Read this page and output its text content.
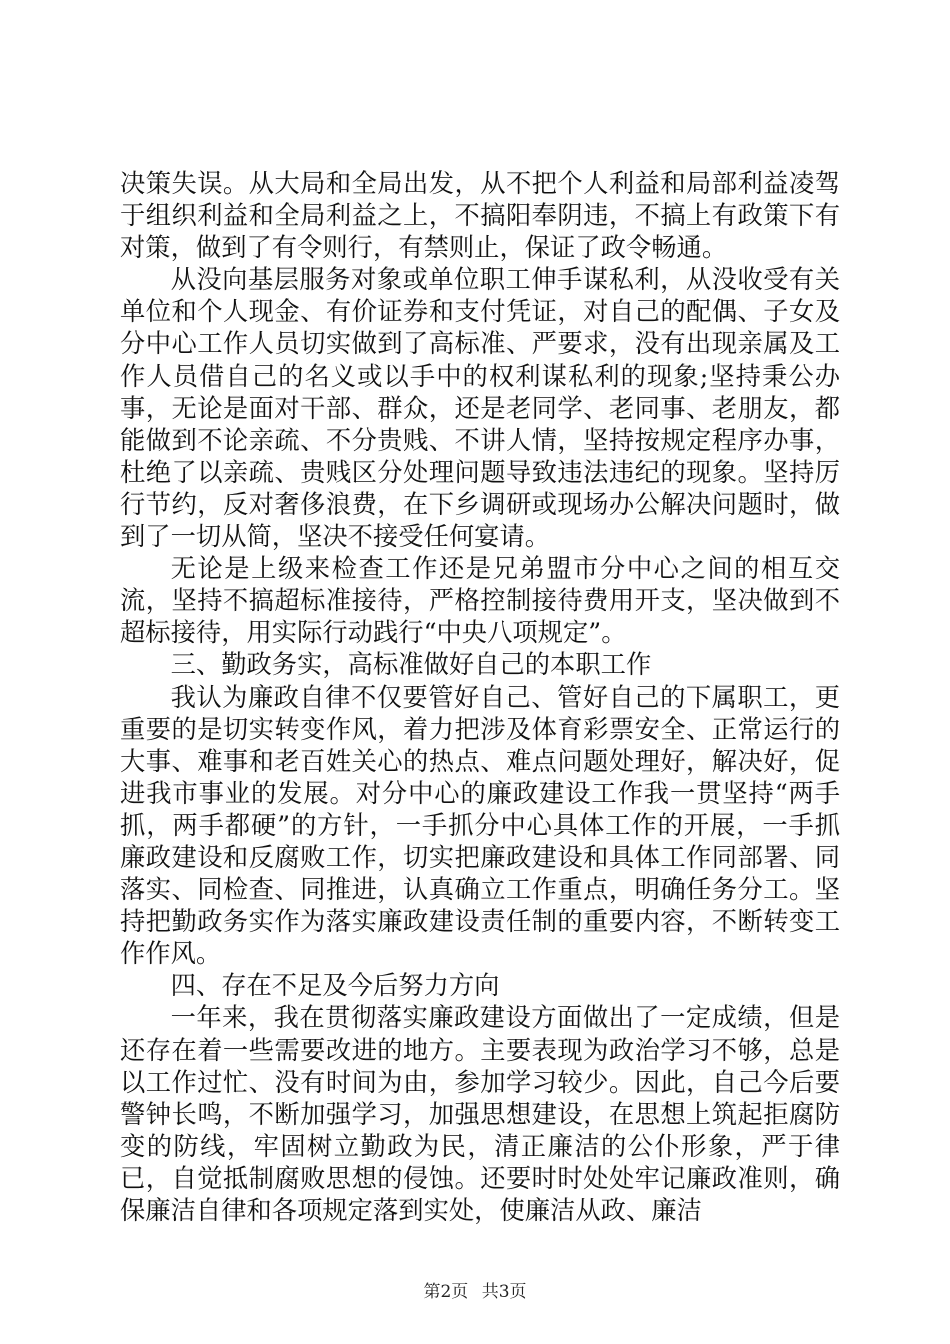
决策失误。从大局和全局出发，从不把个人利益和局部利益凌驾于组织利益和全局利益之上，不搞阳奉阴违，不搞上有政策下有对策，做到了有令则行，有禁则止，保证了政令畅通。

从没向基层服务对象或单位职工伸手谋私利，从没收受有关单位和个人现金、有价证券和支付凭证，对自己的配偶、子女及分中心工作人员切实做到了高标准、严要求，没有出现亲属及工作人员借自己的名义或以手中的权利谋私利的现象;坚持秉公办事，无论是面对干部、群众，还是老同学、老同事、老朋友，都能做到不论亲疏、不分贵贱、不讲人情，坚持按规定程序办事，杜绝了以亲疏、贵贱区分处理问题导致违法违纪的现象。坚持厉行节约，反对奢侈浪费，在下乡调研或现场办公解决问题时，做到了一切从简，坚决不接受任何宴请。

无论是上级来检查工作还是兄弟盟市分中心之间的相互交流，坚持不搞超标准接待，严格控制接待费用开支，坚决做到不超标接待，用实际行动践行“中央八项规定”。

三、勤政务实，高标准做好自己的本职工作

我认为廉政自律不仅要管好自己、管好自己的下属职工，更重要的是切实转变作风，着力把涉及体育彩票安全、正常运行的大事、难事和老百姓关心的热点、难点问题处理好，解决好，促进我市事业的发展。对分中心的廉政建设工作我一贯坚持“两手抓，两手都硬”的方针，一手抓分中心具体工作的开展，一手抓廉政建设和反腐败工作，切实把廉政建设和具体工作同部署、同落实、同检查、同推进，认真确立工作重点，明确任务分工。坚持把勤政务实作为落实廉政建设责任制的重要内容，不断转变工作作风。

四、存在不足及今后努力方向

一年来，我在贯彻落实廉政建设方面做出了一定成绩，但是还存在着一些需要改进的地方。主要表现为政治学习不够，总是以工作过忙、没有时间为由，参加学习较少。因此，自己今后要警钟长鸣，不断加强学习，加强思想建设，在思想上筑起拒腐防变的防线，牢固树立勤政为民，清正廉洁的公仆形象，严于律已，自觉抵制腐败思想的侵蚀。还要时时处处牢记廉政准则，确保廉洁自律和各项规定落到实处，使廉洁从政、廉洁

第2页 共3页
